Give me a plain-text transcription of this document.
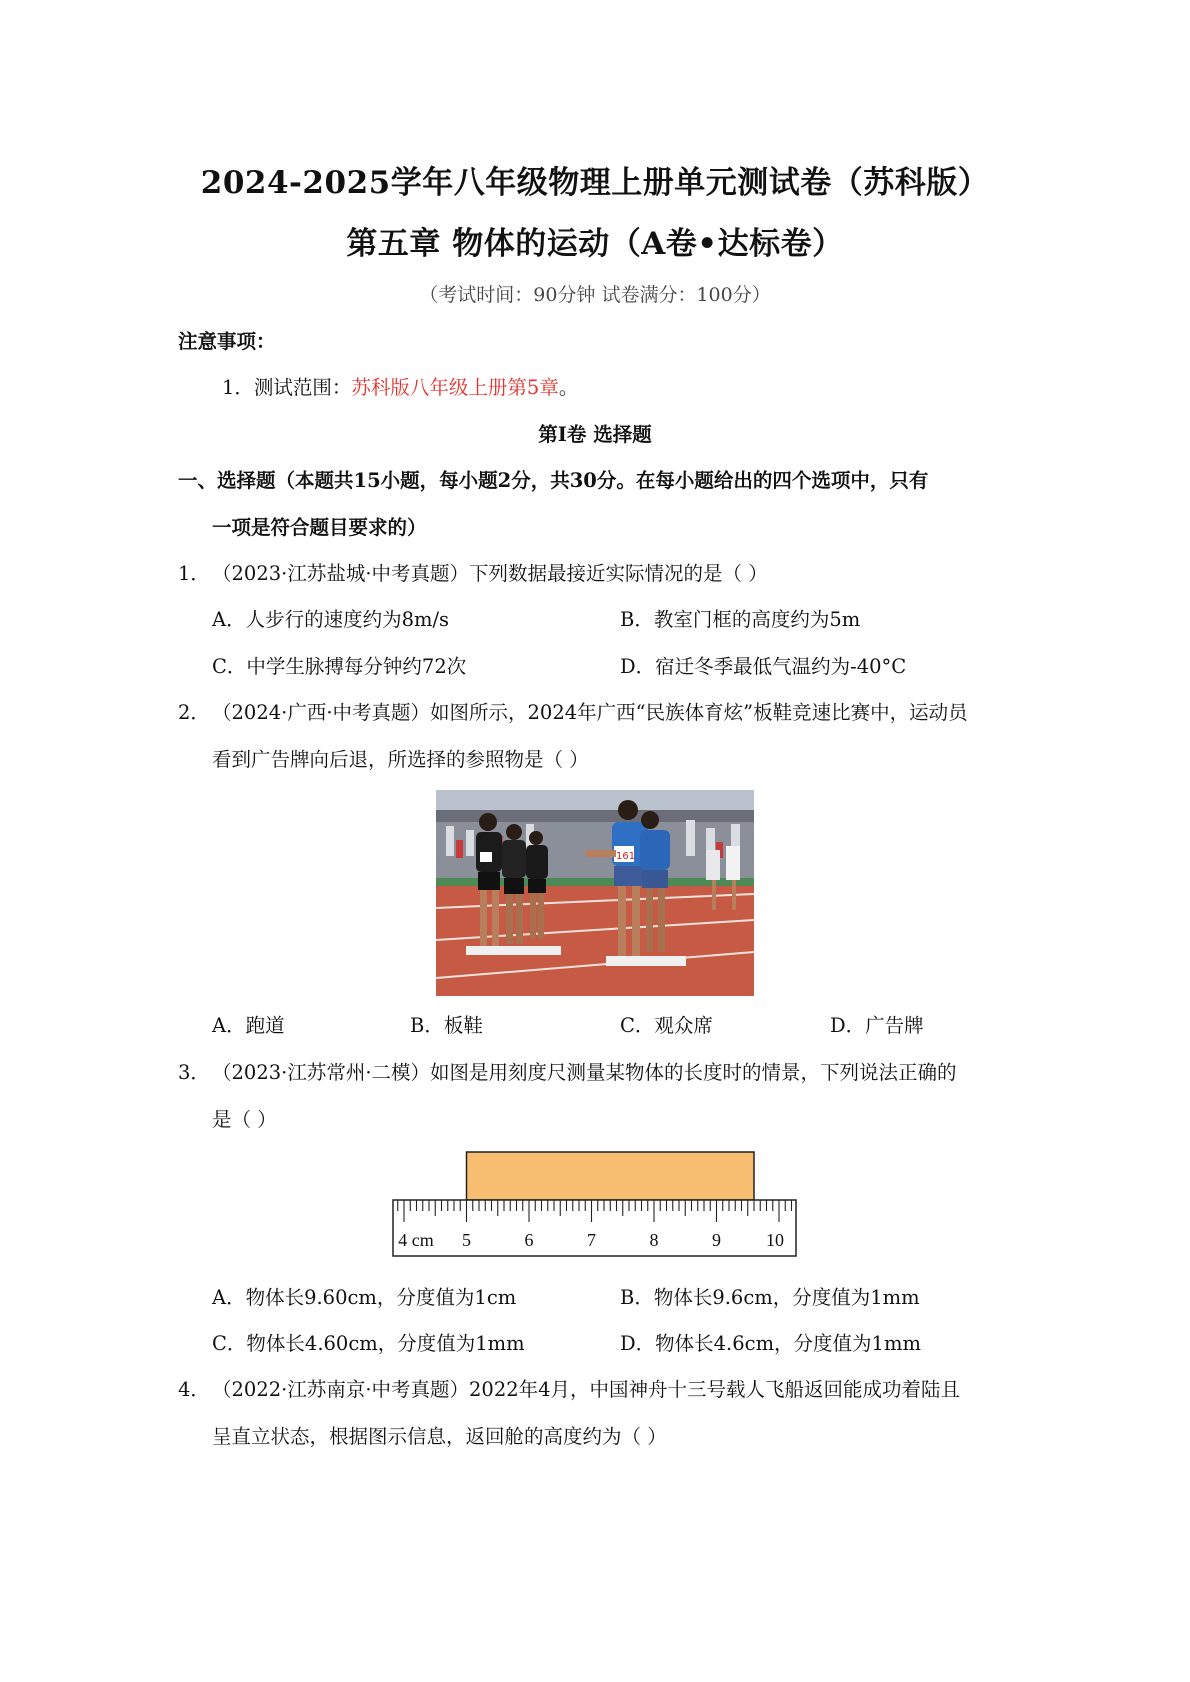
2024-2025学年八年级物理上册单元测试卷（苏科版）
第五章 物体的运动（A卷•达标卷）
（考试时间：90分钟 试卷满分：100分）
注意事项：
1．测试范围：苏科版八年级上册第5章。
第I卷 选择题
一、选择题（本题共15小题，每小题2分，共30分。在每小题给出的四个选项中，只有
一项是符合题目要求的）
1． （2023·江苏盐城·中考真题）下列数据最接近实际情况的是（ ）
A．人步行的速度约为8m/s	B．教室门框的高度约为5m
C．中学生脉搏每分钟约72次	D．宿迁冬季最低气温约为-40°C
2． （2024·广西·中考真题）如图所示，2024年广西“民族体育炫”板鞋竞速比赛中，运动员
看到广告牌向后退，所选择的参照物是（ ）
161
A．跑道	B．板鞋	C．观众席	D．广告牌
3． （2023·江苏常州·二模）如图是用刻度尺测量某物体的长度时的情景，下列说法正确的
是（ ）
4 cm 5	6	7	8	9	10
A．物体长9.60cm，分度值为1cm	B．物体长9.6cm，分度值为1mm
C．物体长4.60cm，分度值为1mm	D．物体长4.6cm，分度值为1mm
4． （2022·江苏南京·中考真题）2022年4月，中国神舟十三号载人飞船返回能成功着陆且
呈直立状态，根据图示信息，返回舱的高度约为（ ）
